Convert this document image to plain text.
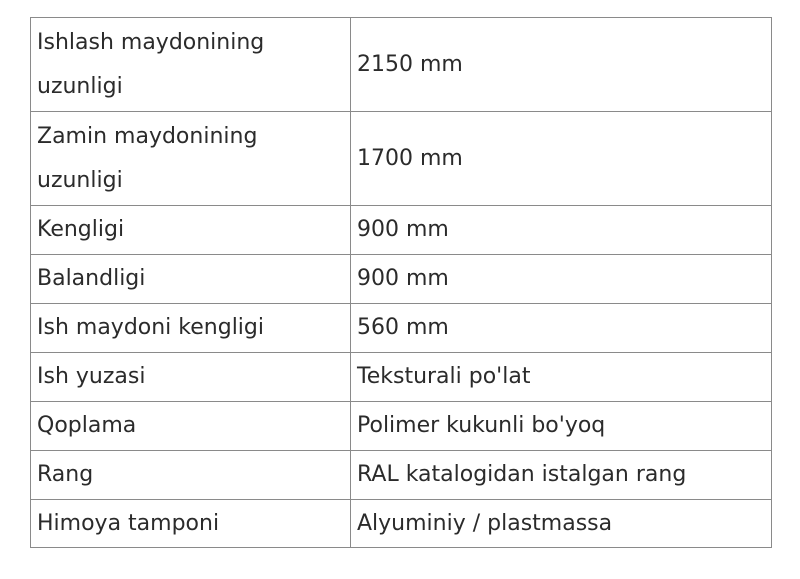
Ishlash maydonining uzunligi	2150 mm
Zamin maydonining uzunligi	1700 mm
Kengligi	900 mm
Balandligi	900 mm
Ish maydoni kengligi	560 mm
Ish yuzasi	Teksturali po'lat
Qoplama	Polimer kukunli bo'yoq
Rang	RAL katalogidan istalgan rang
Himoya tamponi	Alyuminiy / plastmassa
